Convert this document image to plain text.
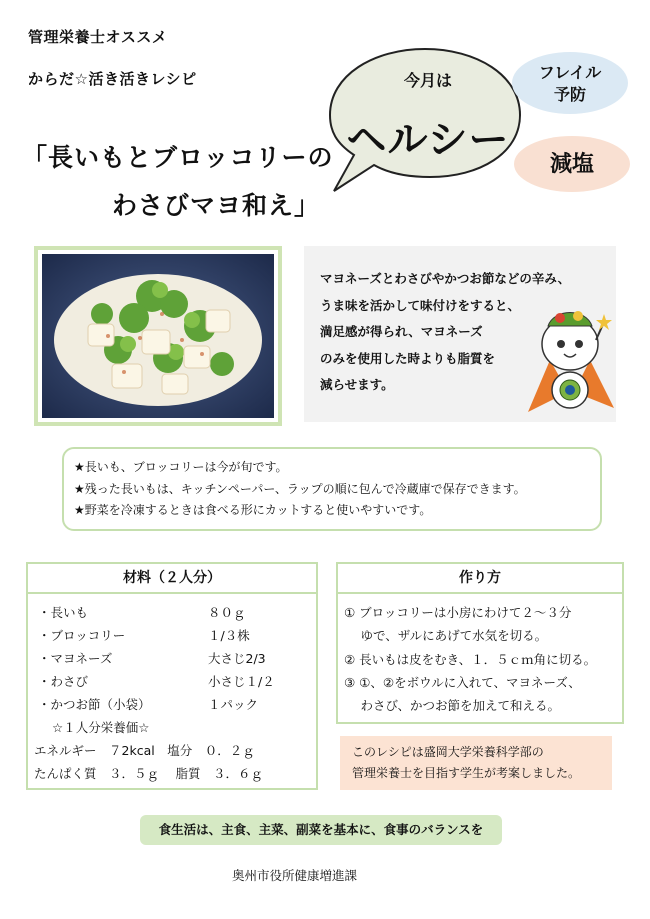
管理栄養士オススメ
からだ☆活き活きレシピ
「長いもとブロッコリーの
わさびマヨ和え」
今月は
ヘルシー
フレイル
予防
減塩
マヨネーズとわさびやかつお節などの辛み、
うま味を活かして味付けをすると、
満足感が得られ、マヨネーズ
のみを使用した時よりも脂質を
減らせます。
★長いも、ブロッコリーは今が旬です。
★残った長いもは、キッチンペーパー、ラップの順に包んで冷蔵庫で保存できます。
★野菜を冷凍するときは食べる形にカットすると使いやすいです。
材料（２人分）
・長いも	８０ｇ
・ブロッコリー	１/３株
・マヨネーズ	大さじ2/3
・わさび	小さじ１/２
・かつお節（小袋）	１パック
☆１人分栄養価☆
エネルギー　７2kcal　塩分　０．２ｇ
たんぱく質　３．５ｇ　 脂質　３．６ｇ
作り方
① ブロッコリーは小房にわけて２～３分
　 ゆで、ザルにあげて水気を切る。
② 長いもは皮をむき、１．５ｃｍ角に切る。
③ ①、②をボウルに入れて、マヨネーズ、
　 わさび、かつお節を加えて和える。
このレシピは盛岡大学栄養科学部の
管理栄養士を目指す学生が考案しました。
食生活は、主食、主菜、副菜を基本に、食事のバランスを
奥州市役所健康増進課
